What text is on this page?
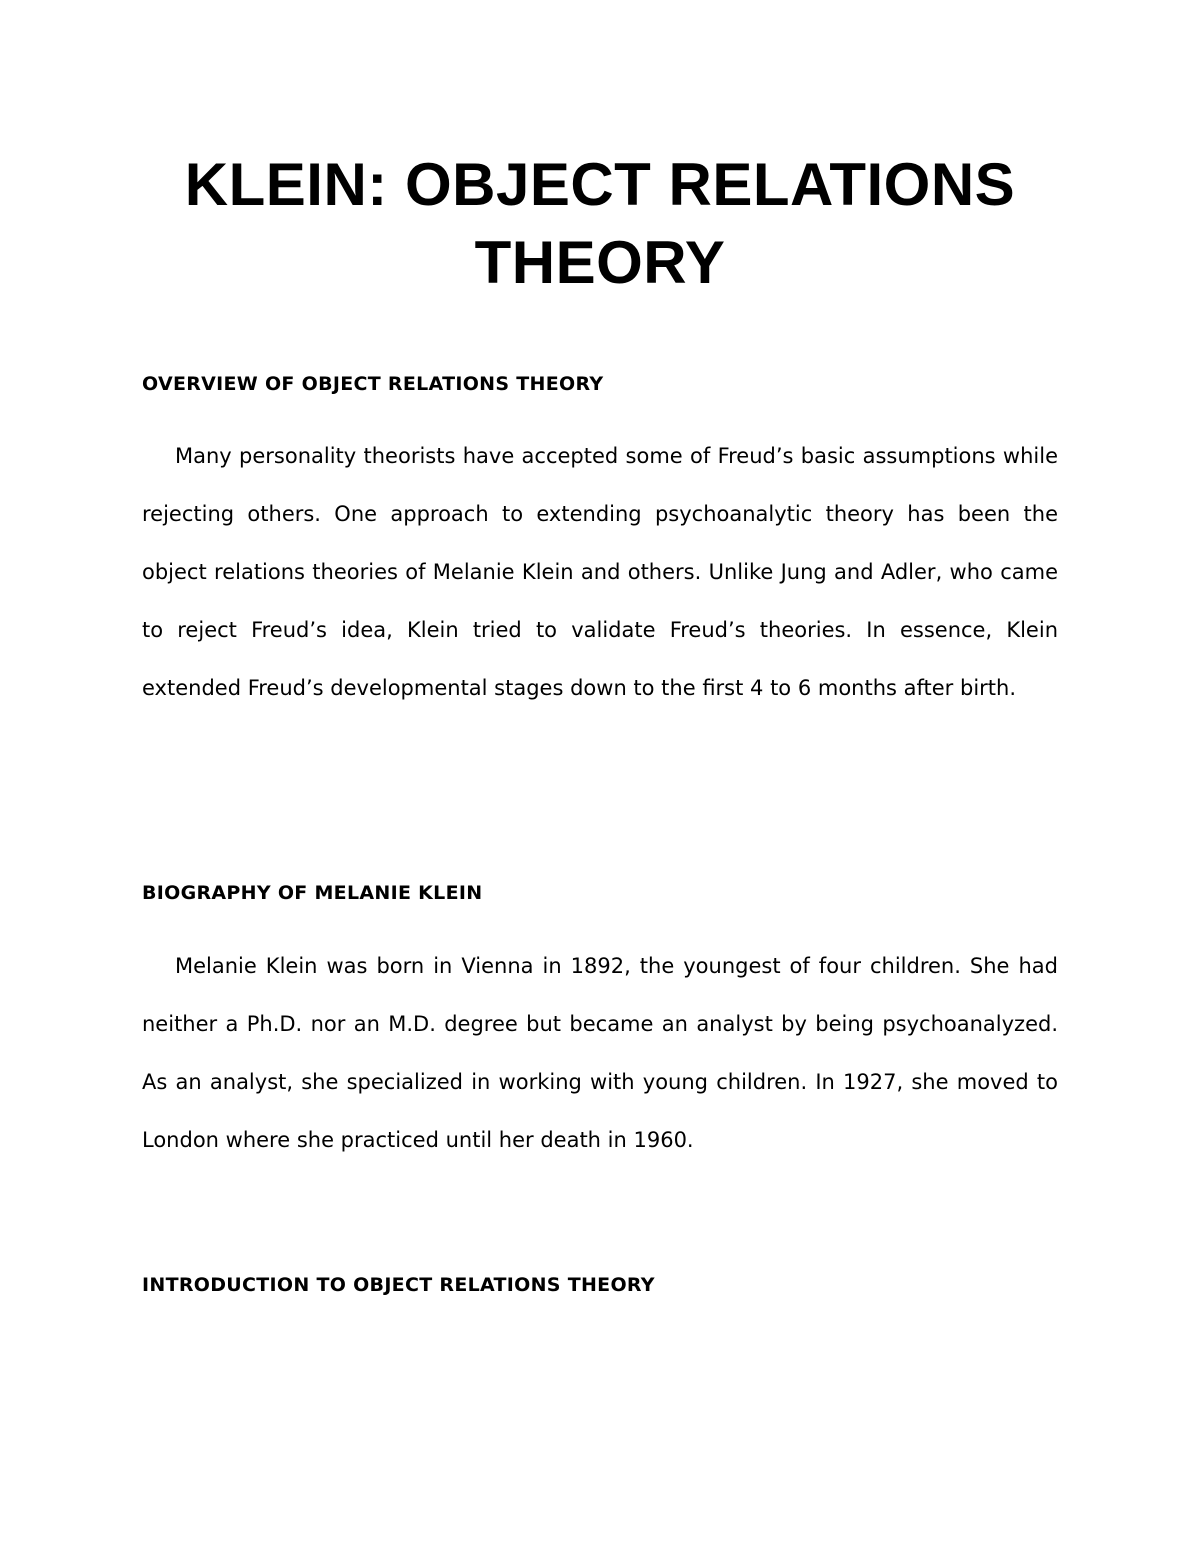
KLEIN: OBJECT RELATIONS THEORY
OVERVIEW OF OBJECT RELATIONS THEORY

Many personality theorists have accepted some of Freud’s basic assumptions while rejecting others. One approach to extending psychoanalytic theory has been the object relations theories of Melanie Klein and others. Unlike Jung and Adler, who came to reject Freud’s idea, Klein tried to validate Freud’s theories. In essence, Klein extended Freud’s developmental stages down to the first 4 to 6 months after birth.

BIOGRAPHY OF MELANIE KLEIN

Melanie Klein was born in Vienna in 1892, the youngest of four children. She had neither a Ph.D. nor an M.D. degree but became an analyst by being psychoanalyzed. As an analyst, she specialized in working with young children. In 1927, she moved to London where she practiced until her death in 1960.

INTRODUCTION TO OBJECT RELATIONS THEORY
